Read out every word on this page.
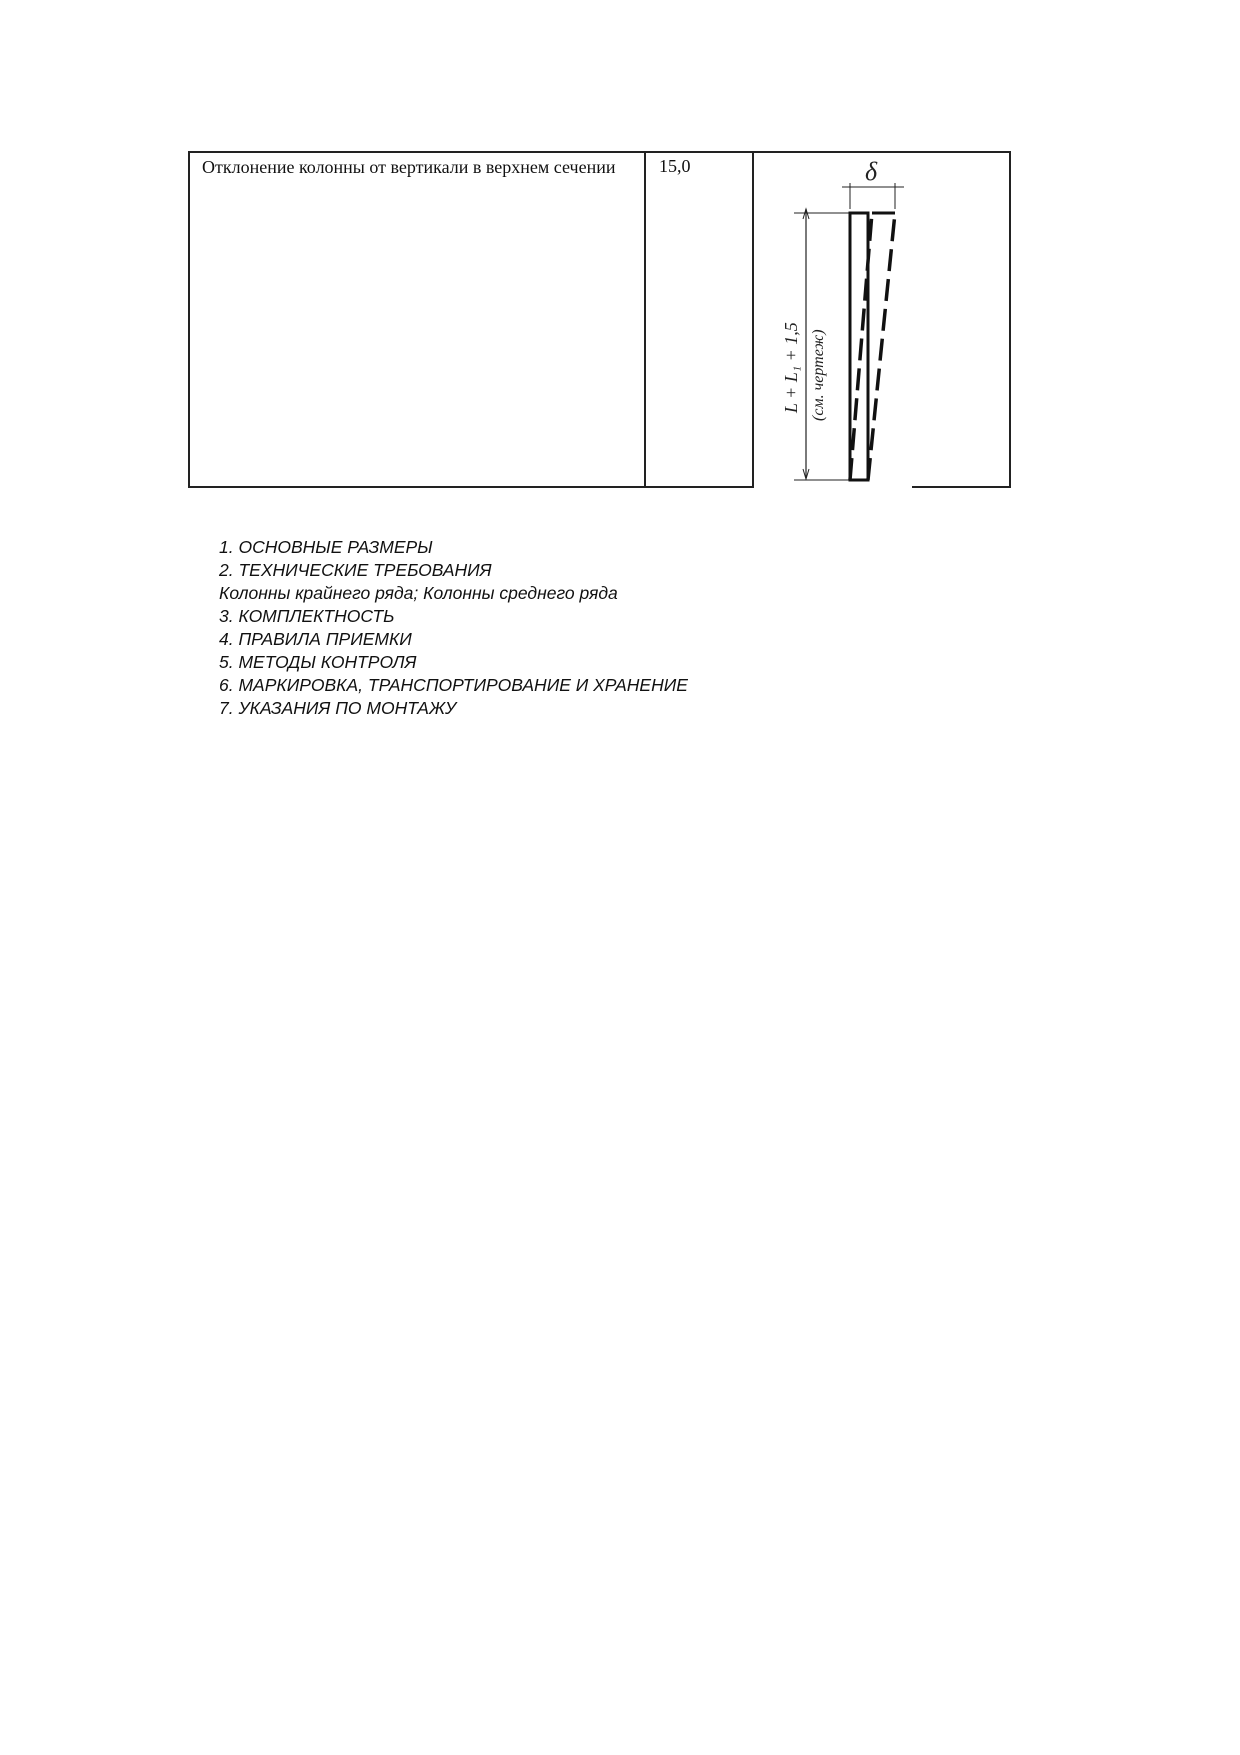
Отклонение колонны от вертикали в верхнем сечении	15,0	
L + L₁ + 1,5 (см. чертеж)
δ
1. ОСНОВНЫЕ РАЗМЕРЫ
2. ТЕХНИЧЕСКИЕ ТРЕБОВАНИЯ
Колонны крайнего ряда; Колонны среднего ряда
3. КОМПЛЕКТНОСТЬ
4. ПРАВИЛА ПРИЕМКИ
5. МЕТОДЫ КОНТРОЛЯ
6. МАРКИРОВКА, ТРАНСПОРТИРОВАНИЕ И ХРАНЕНИЕ
7. УКАЗАНИЯ ПО МОНТАЖУ
